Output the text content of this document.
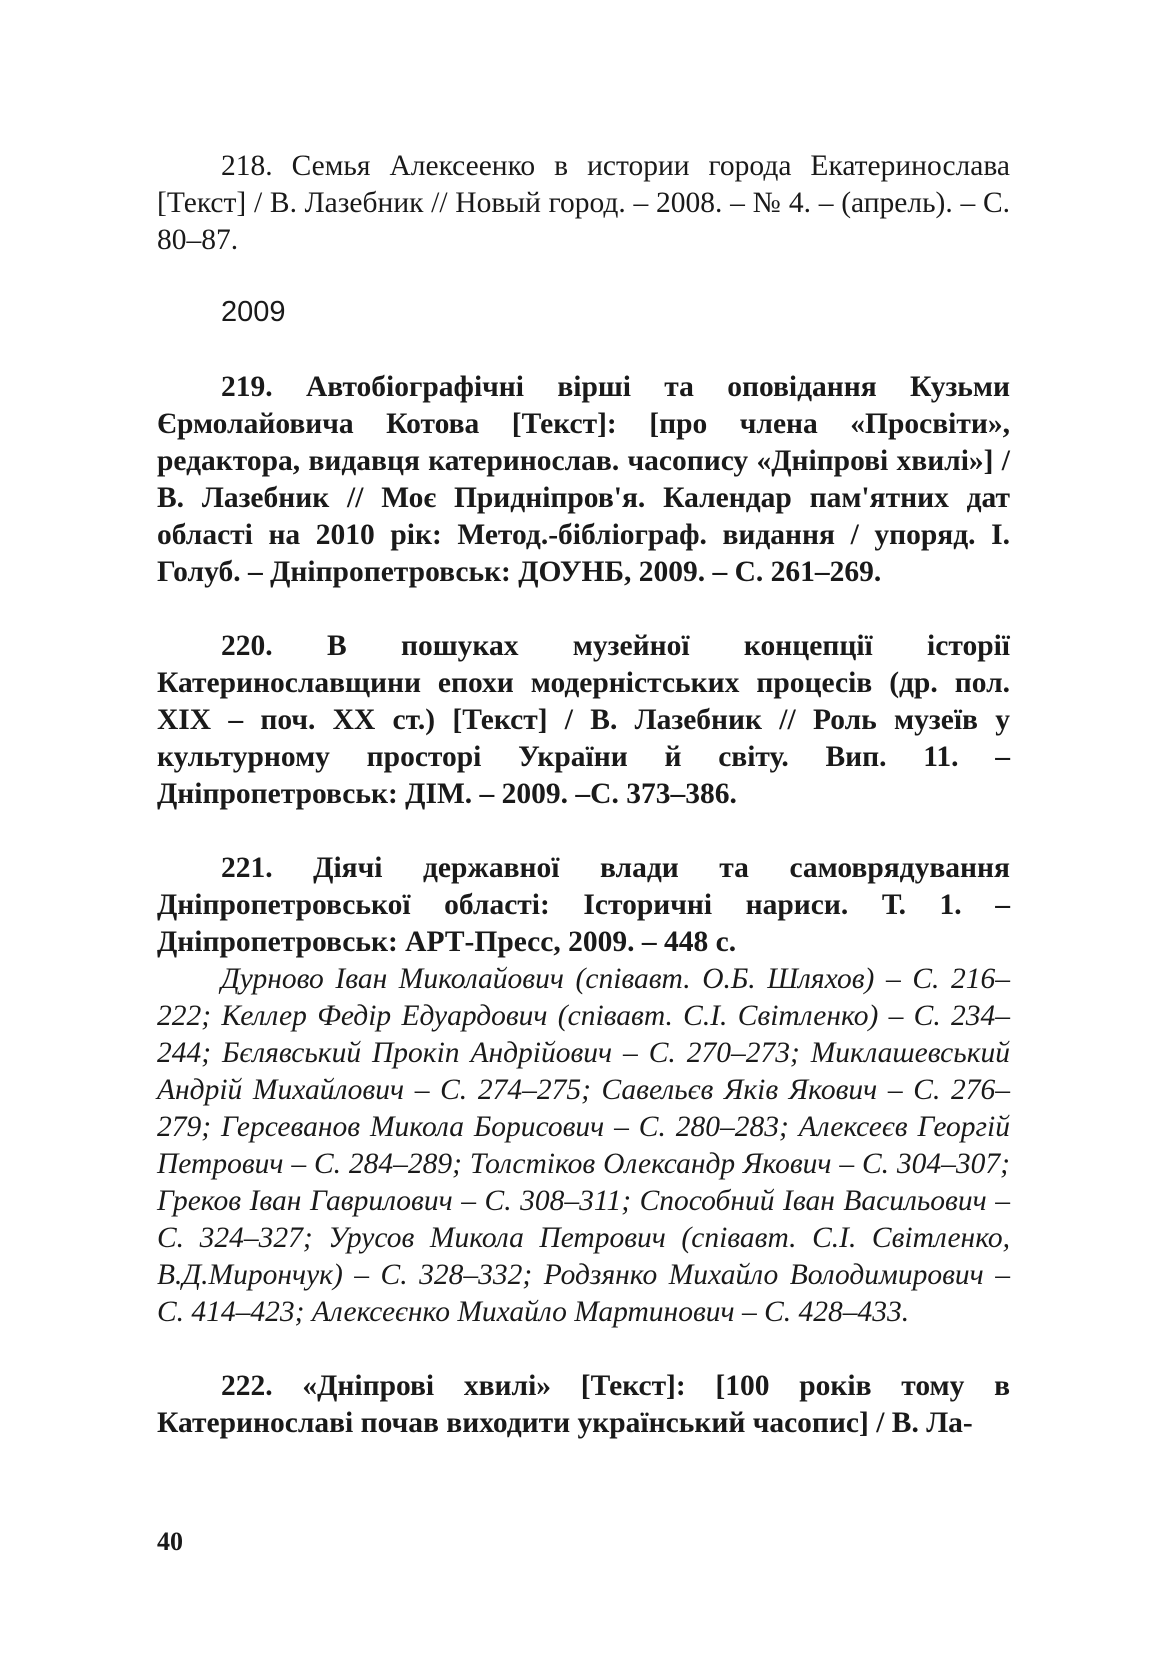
218. Семья Алексеенко в истории города Екатеринослава [Текст] / В. Лазебник // Новый город. – 2008. – № 4. – (апрель). – С. 80–87.

2009

219. Автобіографічні вірші та оповідання Кузьми Єрмолайовича Котова [Текст]: [про члена «Просвіти», редактора, видавця катеринослав. часопису «Дніпрові хвилі»] / В. Лазебник // Моє Придніпров'я. Календар пам'ятних дат області на 2010 рік: Метод.-бібліограф. видання / упоряд. І. Голуб. – Дніпропетровськ: ДОУНБ, 2009. – С. 261–269.

220. В пошуках музейної концепції історії Катеринославщини епохи модерністських процесів (др. пол. ХІХ – поч. ХХ ст.) [Текст] / В. Лазебник // Роль музеїв у культурному просторі України й світу. Вип. 11. – Дніпропетровськ: ДІМ. – 2009. –С. 373–386.

221. Діячі державної влади та самоврядування Дніпропетровської області: Історичні нариси. Т. 1. – Дніпропетровськ: АРТ-Пресс, 2009. – 448 с.

Дурново Іван Миколайович (співавт. О.Б. Шляхов) – С. 216–222; Келлер Федір Едуардович (співавт. С.І. Світленко) – С. 234–244; Бєлявський Прокіп Андрійович – С. 270–273; Миклашевський Андрій Михайлович – С. 274–275; Савельєв Яків Якович – С. 276–279; Герсеванов Микола Борисович – С. 280–283; Алексеєв Георгій Петрович – С. 284–289; Толстіков Олександр Якович – С. 304–307; Греков Іван Гаврилович – С. 308–311; Способний Іван Васильович – С. 324–327; Урусов Микола Петрович (співавт. С.І. Світленко, В.Д.Мирончук) – С. 328–332; Родзянко Михайло Володимирович – С. 414–423; Алексеєнко Михайло Мартинович – С. 428–433.

222. «Дніпрові хвилі» [Текст]: [100 років тому в Катеринославі почав виходити український часопис] / В. Ла-

40
